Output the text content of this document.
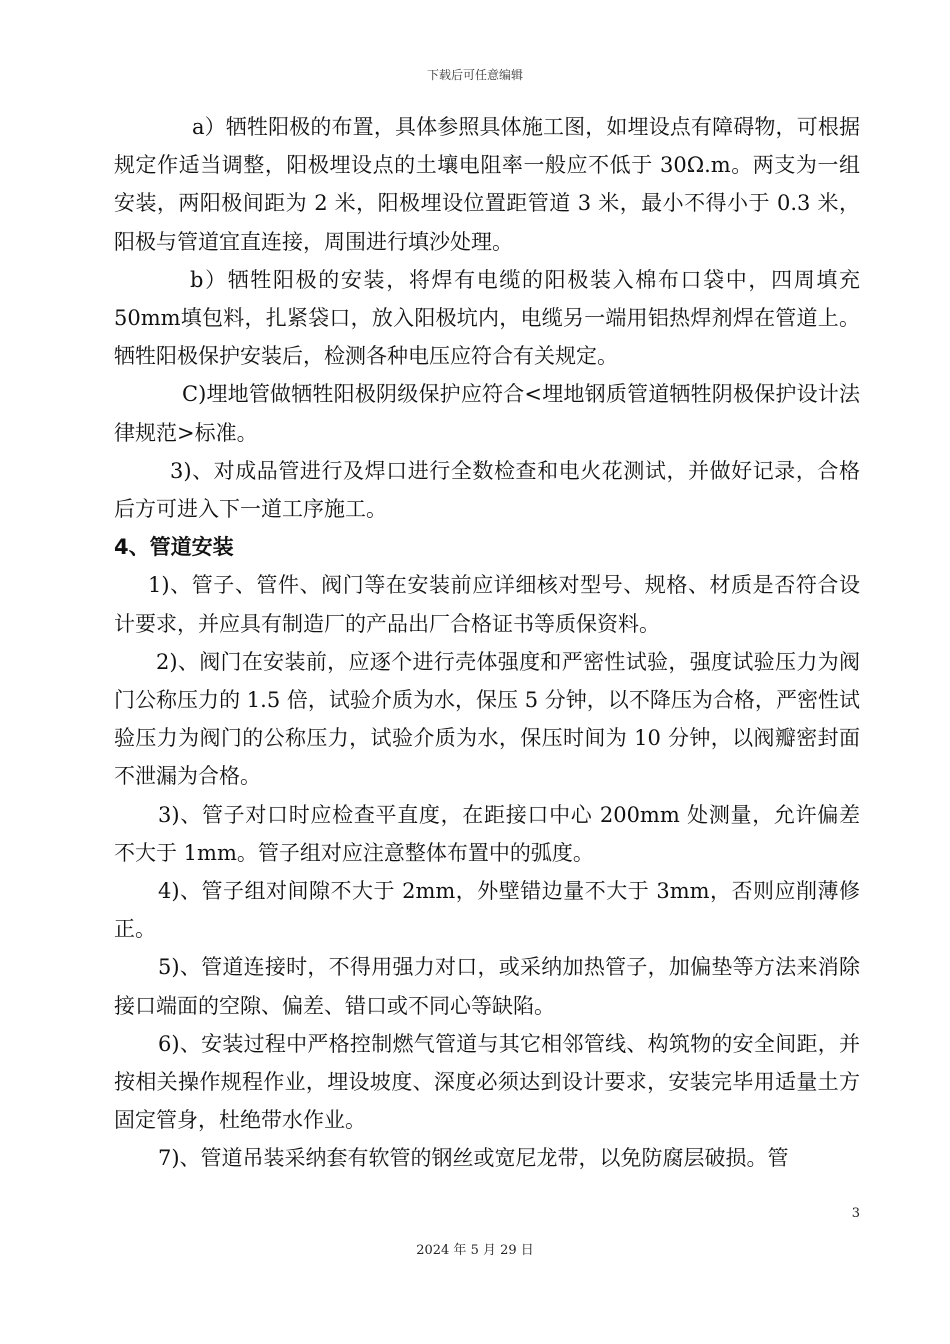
下载后可任意编辑

a）牺牲阳极的布置，具体参照具体施工图，如埋设点有障碍物，可根据规定作适当调整，阳极埋设点的土壤电阻率一般应不低于 30Ω.m。两支为一组安装，两阳极间距为 2 米，阳极埋设位置距管道 3 米，最小不得小于 0.3 米，阳极与管道宜直连接，周围进行填沙处理。

b）牺牲阳极的安装，将焊有电缆的阳极装入棉布口袋中，四周填充 50mm填包料，扎紧袋口，放入阳极坑内，电缆另一端用铝热焊剂焊在管道上。牺牲阳极保护安装后，检测各种电压应符合有关规定。

C)埋地管做牺牲阳极阴级保护应符合<埋地钢质管道牺牲阴极保护设计法律规范>标准。

3)、对成品管进行及焊口进行全数检查和电火花测试，并做好记录，合格后方可进入下一道工序施工。

4、管道安装

1)、管子、管件、阀门等在安装前应详细核对型号、规格、材质是否符合设计要求，并应具有制造厂的产品出厂合格证书等质保资料。

2)、阀门在安装前，应逐个进行壳体强度和严密性试验，强度试验压力为阀门公称压力的 1.5 倍，试验介质为水，保压 5 分钟，以不降压为合格，严密性试验压力为阀门的公称压力，试验介质为水，保压时间为 10 分钟，以阀瓣密封面不泄漏为合格。

3)、管子对口时应检查平直度，在距接口中心 200mm 处测量，允许偏差不大于 1mm。管子组对应注意整体布置中的弧度。

4)、管子组对间隙不大于 2mm，外壁错边量不大于 3mm，否则应削薄修正。

5)、管道连接时，不得用强力对口，或采纳加热管子，加偏垫等方法来消除接口端面的空隙、偏差、错口或不同心等缺陷。

6)、安装过程中严格控制燃气管道与其它相邻管线、构筑物的安全间距，并按相关操作规程作业，埋设坡度、深度必须达到设计要求，安装完毕用适量土方固定管身，杜绝带水作业。

7)、管道吊装采纳套有软管的钢丝或宽尼龙带，以免防腐层破损。管

3
2024 年 5 月 29 日
